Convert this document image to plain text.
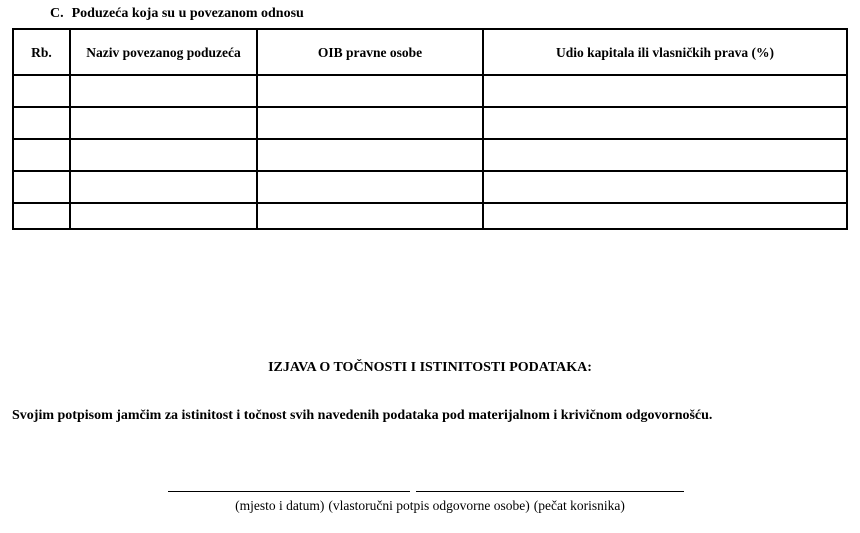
C. Poduzeća koja su u povezanom odnosu
Rb.	Naziv povezanog poduzeća	OIB pravne osobe	Udio kapitala ili vlasničkih prava (%)

IZJAVA O TOČNOSTI I ISTINITOSTI PODATAKA:
Svojim potpisom jamčim za istinitost i točnost svih navedenih podataka pod materijalnom i krivičnom odgovornošću.
(mjesto i datum) (vlastoručni potpis odgovorne osobe) (pečat korisnika)
